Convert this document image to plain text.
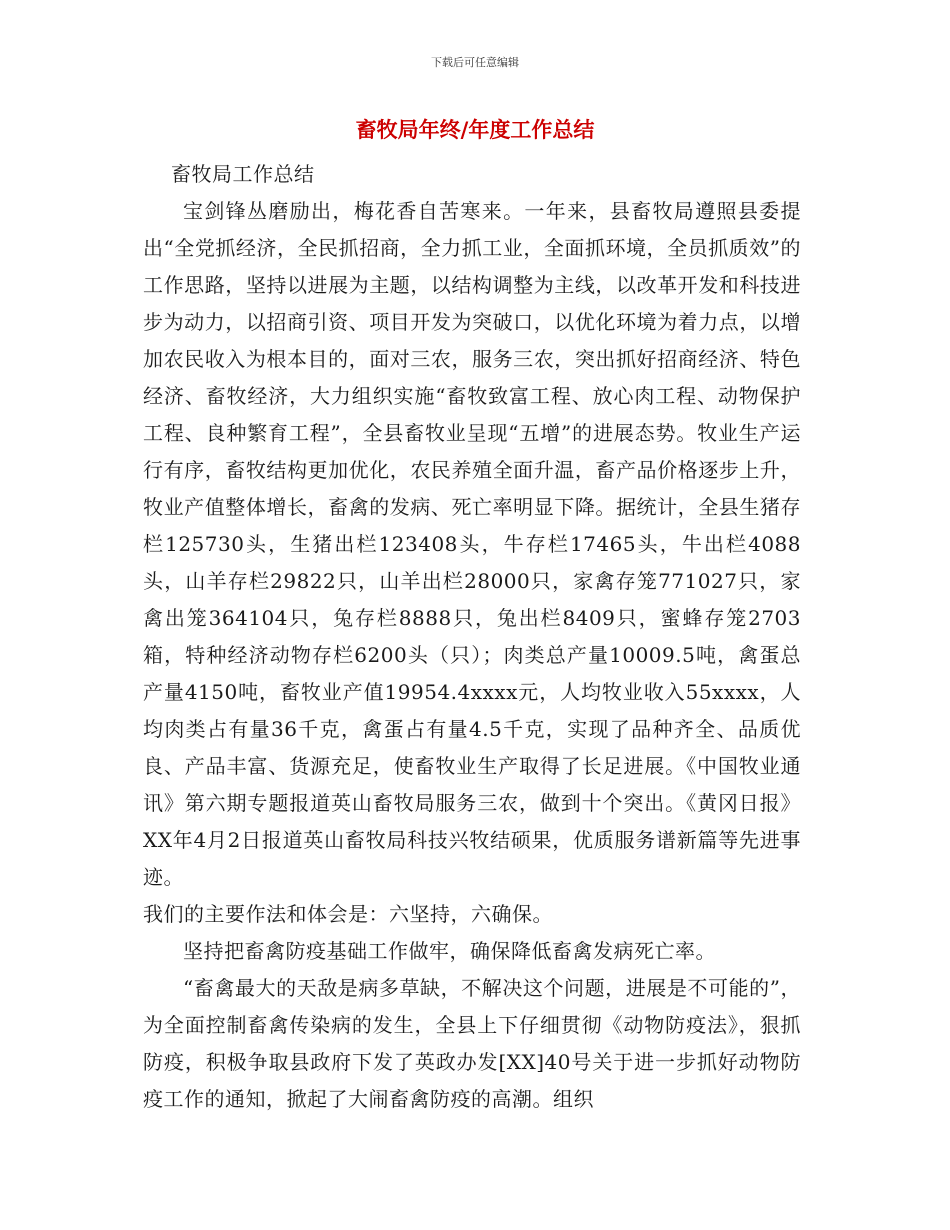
下载后可任意编辑
畜牧局年终/年度工作总结

畜牧局工作总结

宝剑锋丛磨励出，梅花香自苦寒来。一年来，县畜牧局遵照县委提出“全党抓经济，全民抓招商，全力抓工业，全面抓环境，全员抓质效”的工作思路，坚持以进展为主题，以结构调整为主线，以改革开发和科技进步为动力，以招商引资、项目开发为突破口，以优化环境为着力点，以增加农民收入为根本目的，面对三农，服务三农，突出抓好招商经济、特色经济、畜牧经济，大力组织实施“畜牧致富工程、放心肉工程、动物保护工程、良种繁育工程”，全县畜牧业呈现“五增”的进展态势。牧业生产运行有序，畜牧结构更加优化，农民养殖全面升温，畜产品价格逐步上升，牧业产值整体增长，畜禽的发病、死亡率明显下降。据统计，全县生猪存栏125730头，生猪出栏123408头，牛存栏17465头，牛出栏4088头，山羊存栏29822只，山羊出栏28000只，家禽存笼771027只，家禽出笼364104只，兔存栏8888只，兔出栏8409只，蜜蜂存笼2703箱，特种经济动物存栏6200头（只）；肉类总产量10009.5吨，禽蛋总产量4150吨，畜牧业产值19954.4xxxx元，人均牧业收入55xxxx，人均肉类占有量36千克，禽蛋占有量4.5千克，实现了品种齐全、品质优良、产品丰富、货源充足，使畜牧业生产取得了长足进展。《中国牧业通讯》第六期专题报道英山畜牧局服务三农，做到十个突出。《黄冈日报》XX年4月2日报道英山畜牧局科技兴牧结硕果，优质服务谱新篇等先进事迹。

我们的主要作法和体会是：六坚持，六确保。

坚持把畜禽防疫基础工作做牢，确保降低畜禽发病死亡率。

“畜禽最大的天敌是病多草缺，不解决这个问题，进展是不可能的”，为全面控制畜禽传染病的发生，全县上下仔细贯彻《动物防疫法》，狠抓防疫，积极争取县政府下发了英政办发[XX]40号关于进一步抓好动物防疫工作的通知，掀起了大闹畜禽防疫的高潮。组织
